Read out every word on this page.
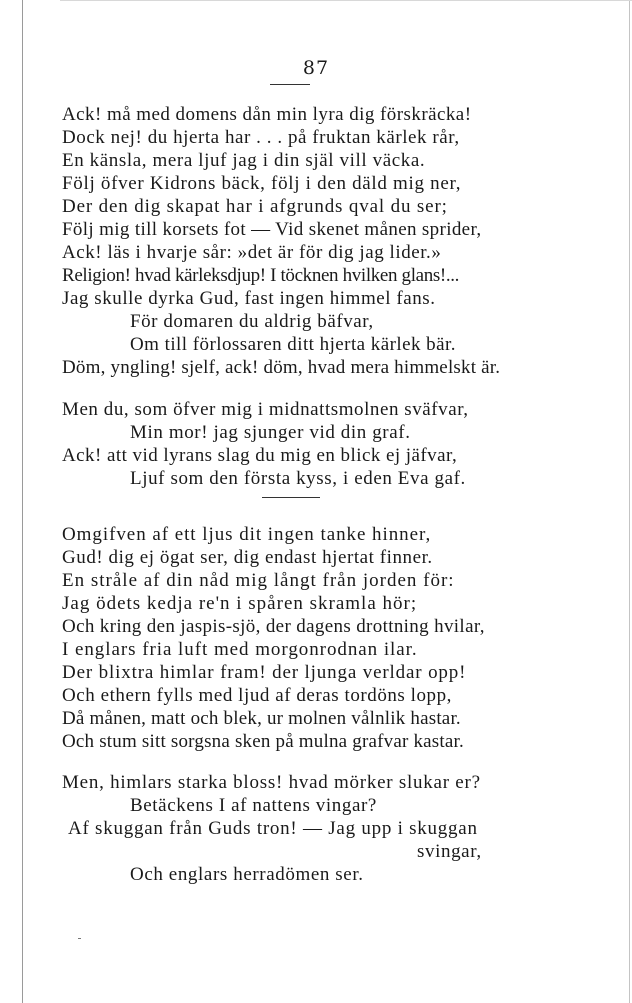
87
Ack! må med domens dån min lyra dig förskräcka!
Dock nej! du hjerta har . . . på fruktan kärlek rår,
En känsla, mera ljuf jag i din själ vill väcka.
Följ öfver Kidrons bäck, följ i den däld mig ner,
Der den dig skapat har i afgrunds qval du ser;
Följ mig till korsets fot — Vid skenet månen sprider,
Ack! läs i hvarje sår: »det är för dig jag lider.»
Religion! hvad kärleksdjup! I töcknen hvilken glans!...
Jag skulle dyrka Gud, fast ingen himmel fans.
För domaren du aldrig bäfvar,
Om till förlossaren ditt hjerta kärlek bär.
Döm, yngling! sjelf, ack! döm, hvad mera himmelskt är.
Men du, som öfver mig i midnattsmolnen sväfvar,
Min mor! jag sjunger vid din graf.
Ack! att vid lyrans slag du mig en blick ej jäfvar,
Ljuf som den första kyss, i eden Eva gaf.
Omgifven af ett ljus dit ingen tanke hinner,
Gud! dig ej ögat ser, dig endast hjertat finner.
En stråle af din nåd mig långt från jorden för:
Jag ödets kedja re'n i spåren skramla hör;
Och kring den jaspis-sjö, der dagens drottning hvilar,
I englars fria luft med morgonrodnan ilar.
Der blixtra himlar fram! der ljunga verldar opp!
Och ethern fylls med ljud af deras tordöns lopp,
Då månen, matt och blek, ur molnen vålnlik hastar.
Och stum sitt sorgsna sken på mulna grafvar kastar.
Men, himlars starka bloss! hvad mörker slukar er?
Betäckens I af nattens vingar?
Af skuggan från Guds tron! — Jag upp i skuggan
svingar,
Och englars herradömen ser.
